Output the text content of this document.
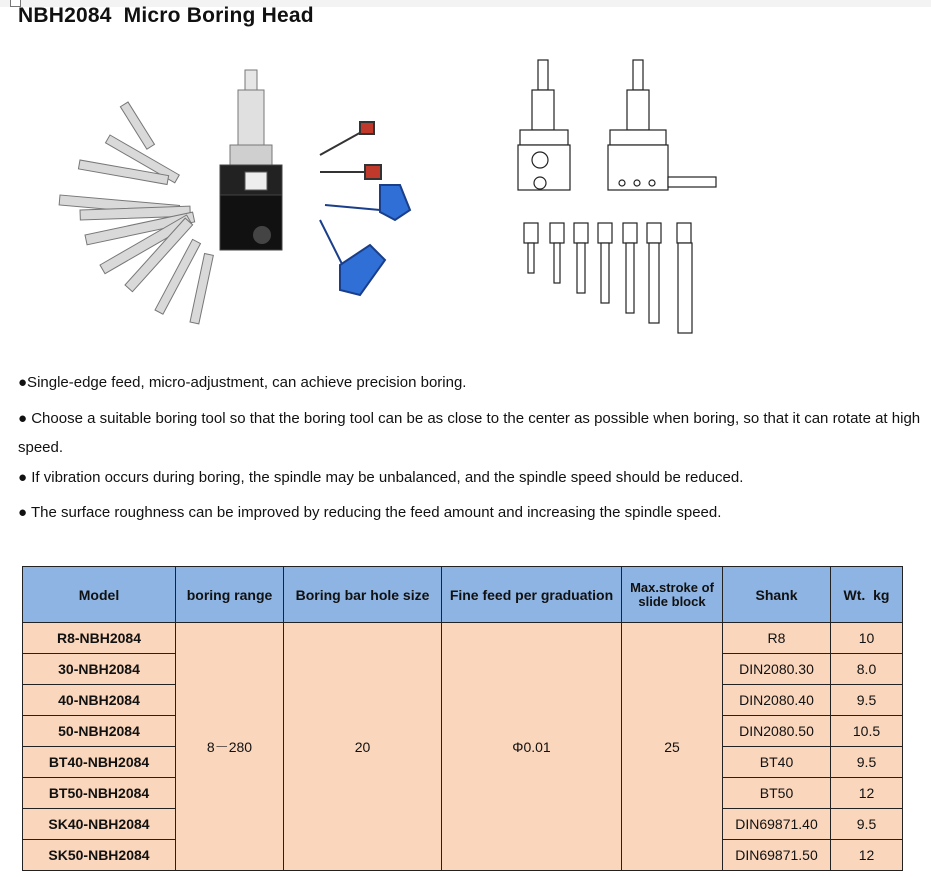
NBH2084  Micro Boring Head

●Single-edge feed, micro-adjustment, can achieve precision boring.

● Choose a suitable boring tool so that the boring tool can be as close to the center as possible when boring, so that it can rotate at high speed.

● If vibration occurs during boring, the spindle may be unbalanced, and the spindle speed should be reduced.

● The surface roughness can be improved by reducing the feed amount and increasing the spindle speed.

Model	boring range	Boring bar hole size	Fine feed per graduation	Max.stroke of slide block	Shank	Wt.  kg
R8-NBH2084	8－280	20	Φ0.01	25	R8	10
30-NBH2084					DIN2080.30	8.0
40-NBH2084					DIN2080.40	9.5
50-NBH2084					DIN2080.50	10.5
BT40-NBH2084					BT40	9.5
BT50-NBH2084					BT50	12
SK40-NBH2084					DIN69871.40	9.5
SK50-NBH2084					DIN69871.50	12
